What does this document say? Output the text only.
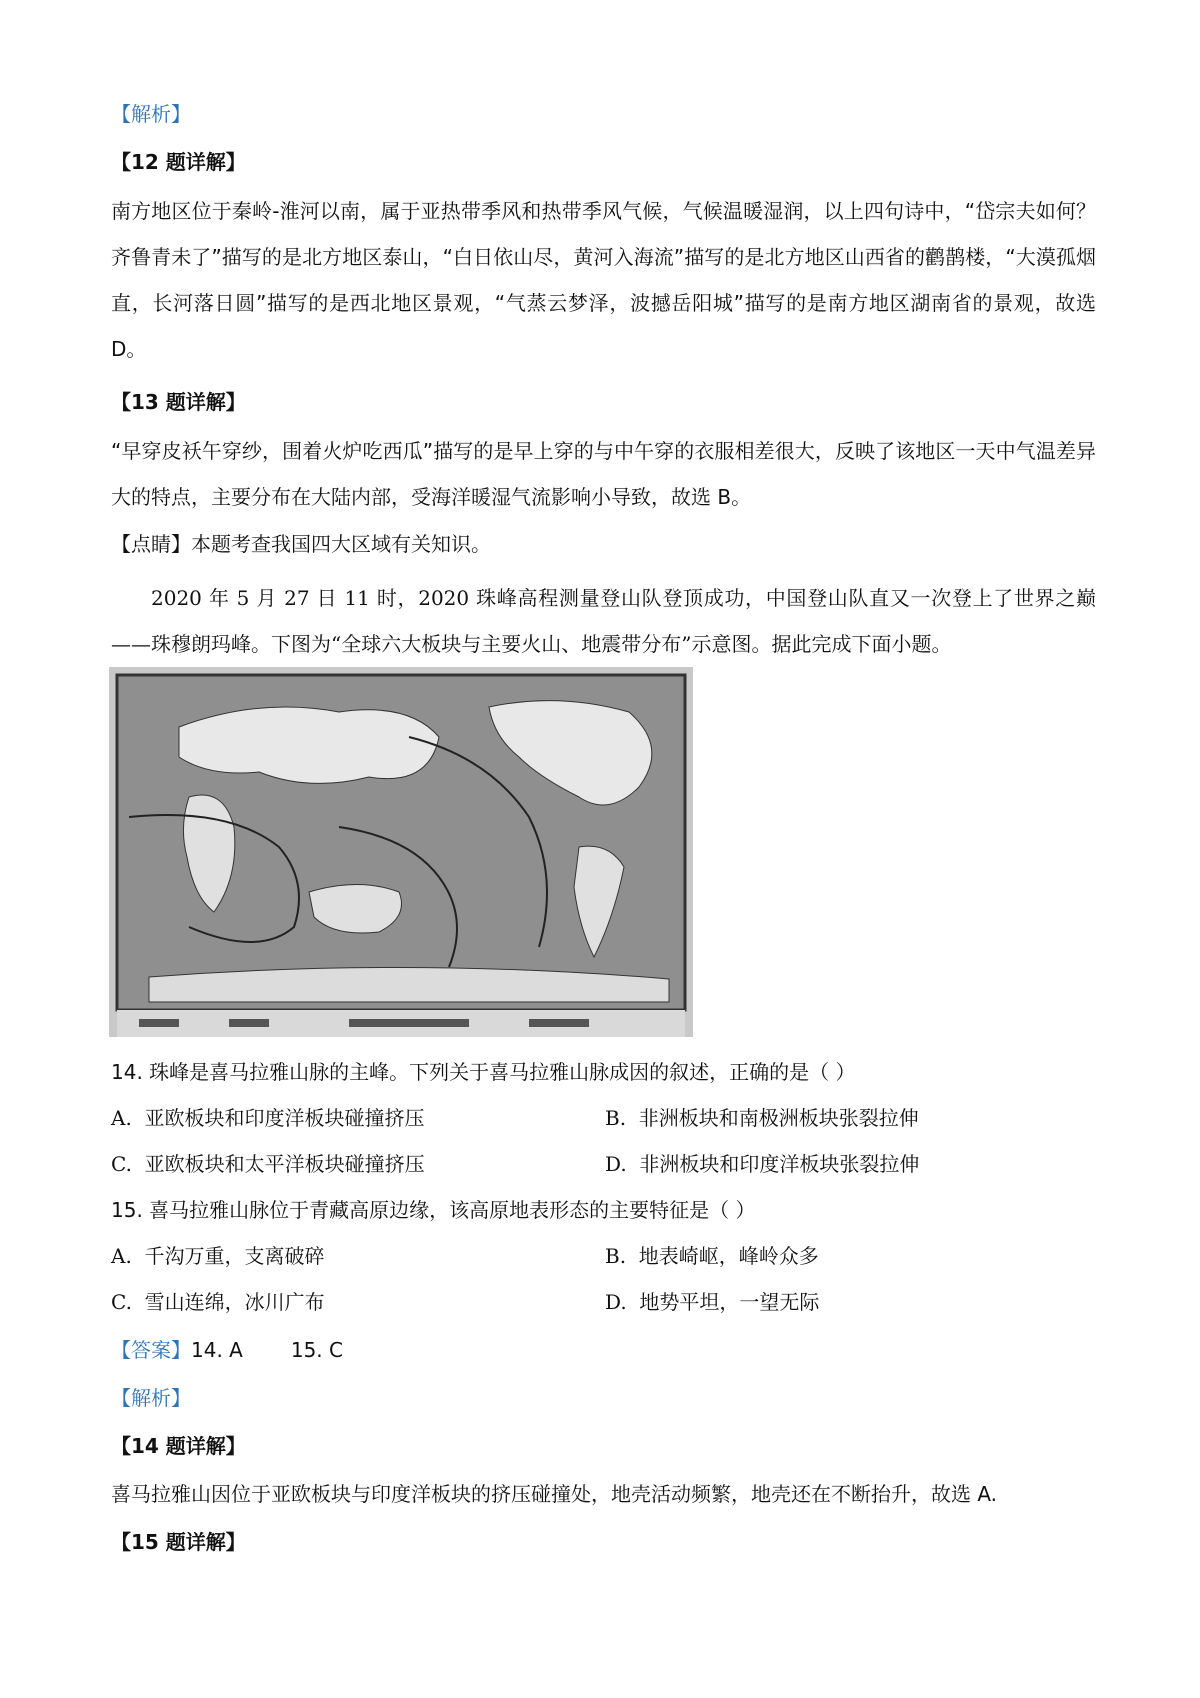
【解析】
【12 题详解】
南方地区位于秦岭-淮河以南，属于亚热带季风和热带季风气候，气候温暖湿润，以上四句诗中，“岱宗夫如何？齐鲁青未了”描写的是北方地区泰山，“白日依山尽，黄河入海流”描写的是北方地区山西省的鹳鹊楼，“大漠孤烟直，长河落日圆”描写的是西北地区景观，“气蒸云梦泽，波撼岳阳城”描写的是南方地区湖南省的景观，故选 D。
【13 题详解】
“早穿皮袄午穿纱，围着火炉吃西瓜”描写的是早上穿的与中午穿的衣服相差很大，反映了该地区一天中气温差异大的特点，主要分布在大陆内部，受海洋暖湿气流影响小导致，故选 B。
【点睛】本题考查我国四大区域有关知识。
2020 年 5 月 27 日 11 时，2020 珠峰高程测量登山队登顶成功，中国登山队直又一次登上了世界之巅——珠穆朗玛峰。下图为“全球六大板块与主要火山、地震带分布”示意图。据此完成下面小题。
14. 珠峰是喜马拉雅山脉的主峰。下列关于喜马拉雅山脉成因的叙述，正确的是（ ）
A. 亚欧板块和印度洋板块碰撞挤压	B. 非洲板块和南极洲板块张裂拉伸
C. 亚欧板块和太平洋板块碰撞挤压	D. 非洲板块和印度洋板块张裂拉伸
15. 喜马拉雅山脉位于青藏高原边缘，该高原地表形态的主要特征是（ ）
A. 千沟万重，支离破碎	B. 地表崎岖，峰岭众多
C. 雪山连绵，冰川广布	D. 地势平坦，一望无际
【答案】14. A 15. C
【解析】
【14 题详解】
喜马拉雅山因位于亚欧板块与印度洋板块的挤压碰撞处，地壳活动频繁，地壳还在不断抬升，故选 A.
【15 题详解】
